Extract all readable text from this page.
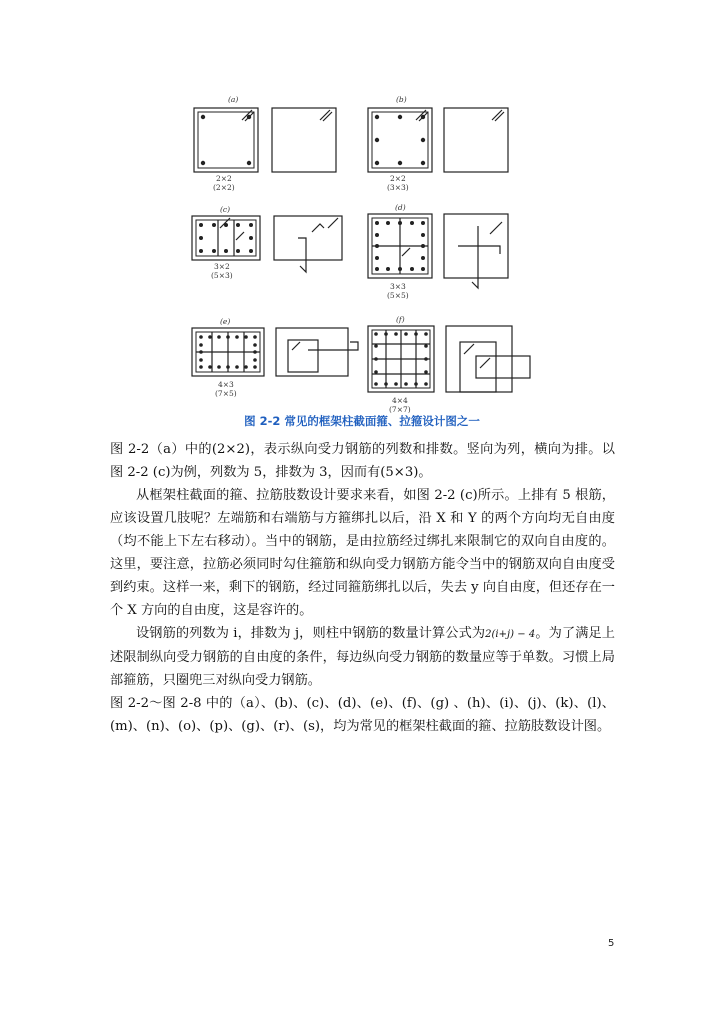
(a)
2×2
(2×2)
(b)
2×2
(3×3)
(c)
3×2
(5×3)
(d)
3×3
(5×5)
(e)
4×3
(7×5)
(f)
4×4
(7×7)
图 2-2 常见的框架柱截面箍、拉箍设计图之一

图 2-2（a）中的(2×2)，表示纵向受力钢筋的列数和排数。竖向为列，横向为排。以图 2-2 (c)为例，列数为 5，排数为 3，因而有(5×3)。

从框架柱截面的箍、拉筋肢数设计要求来看，如图 2-2 (c)所示。上排有 5 根筋，应该设置几肢呢？左端筋和右端筋与方箍绑扎以后，沿 X 和 Y 的两个方向均无自由度（均不能上下左右移动）。当中的钢筋，是由拉筋经过绑扎来限制它的双向自由度的。这里，要注意，拉筋必须同时勾住箍筋和纵向受力钢筋方能令当中的钢筋双向自由度受到约束。这样一来，剩下的钢筋，经过同箍筋绑扎以后，失去 y 向自由度，但还存在一个 X 方向的自由度，这是容许的。

设钢筋的列数为 i，排数为 j，则柱中钢筋的数量计算公式为2(i+j) − 4。为了满足上述限制纵向受力钢筋的自由度的条件，每边纵向受力钢筋的数量应等于单数。习惯上局部箍筋，只圈兜三对纵向受力钢筋。

图 2-2～图 2-8 中的（a）、(b)、(c)、(d)、(e)、(f)、(g) 、(h)、(i)、(j)、(k)、(l)、 (m)、(n)、(o)、(p)、(g)、(r)、(s)，均为常见的框架柱截面的箍、拉筋肢数设计图。

5
